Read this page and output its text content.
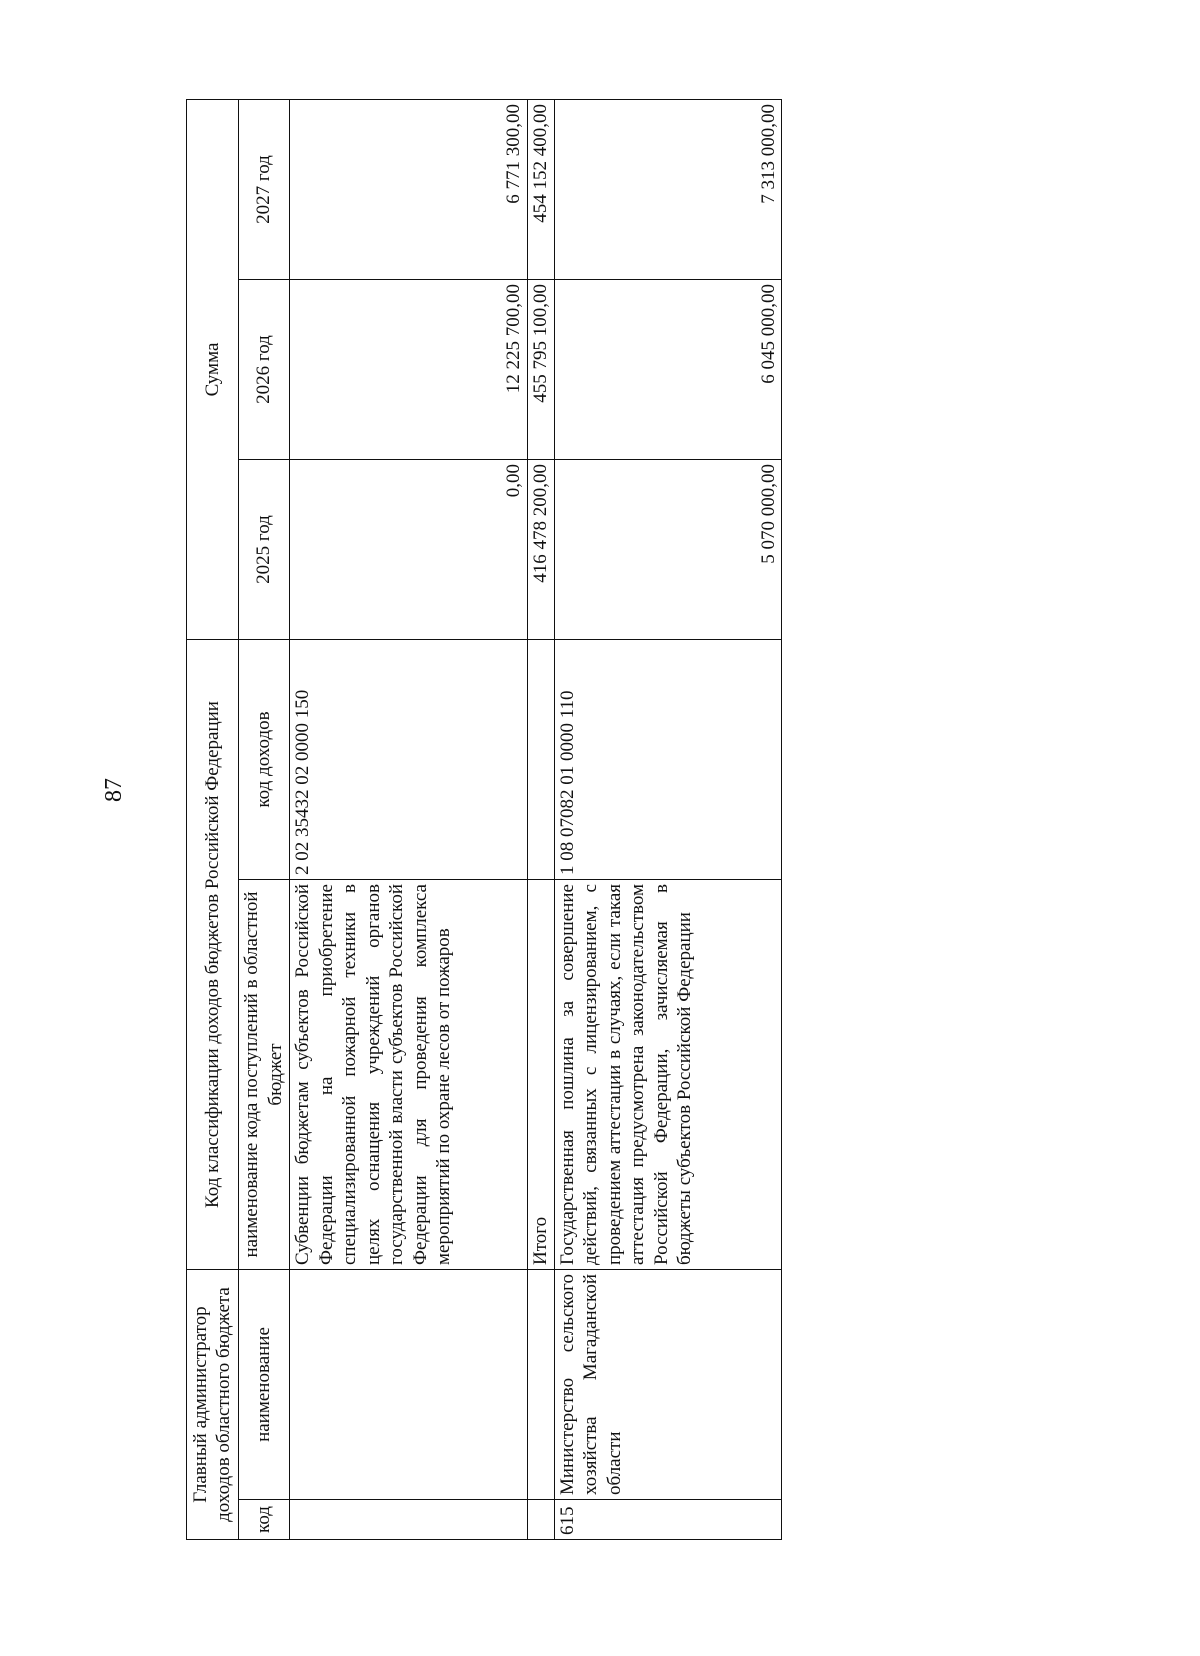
87
Главный администратор доходов областного бюджета		Код классификации доходов бюджетов Российской Федерации		Сумма		
код	наименование	наименование кода поступлений в областной бюджет	код доходов	2025 год	2026 год	2027 год
		Субвенции бюджетам субъектов Российской Федерации на приобретение специализированной пожарной техники в целях оснащения учреждений органов государственной власти субъектов Российской Федерации для проведения комплекса мероприятий по охране лесов от пожаров	2 02 35432 02 0000 150	0,00	12 225 700,00	6 771 300,00
		Итого		416 478 200,00	455 795 100,00	454 152 400,00
615	Министерство сельского хозяйства Магаданской области	Государственная пошлина за совершение действий, связанных с лицензированием, с проведением аттестации в случаях, если такая аттестация предусмотрена законодательством Российской Федерации, зачисляемая в бюджеты субъектов Российской Федерации	1 08 07082 01 0000 110	5 070 000,00	6 045 000,00	7 313 000,00
